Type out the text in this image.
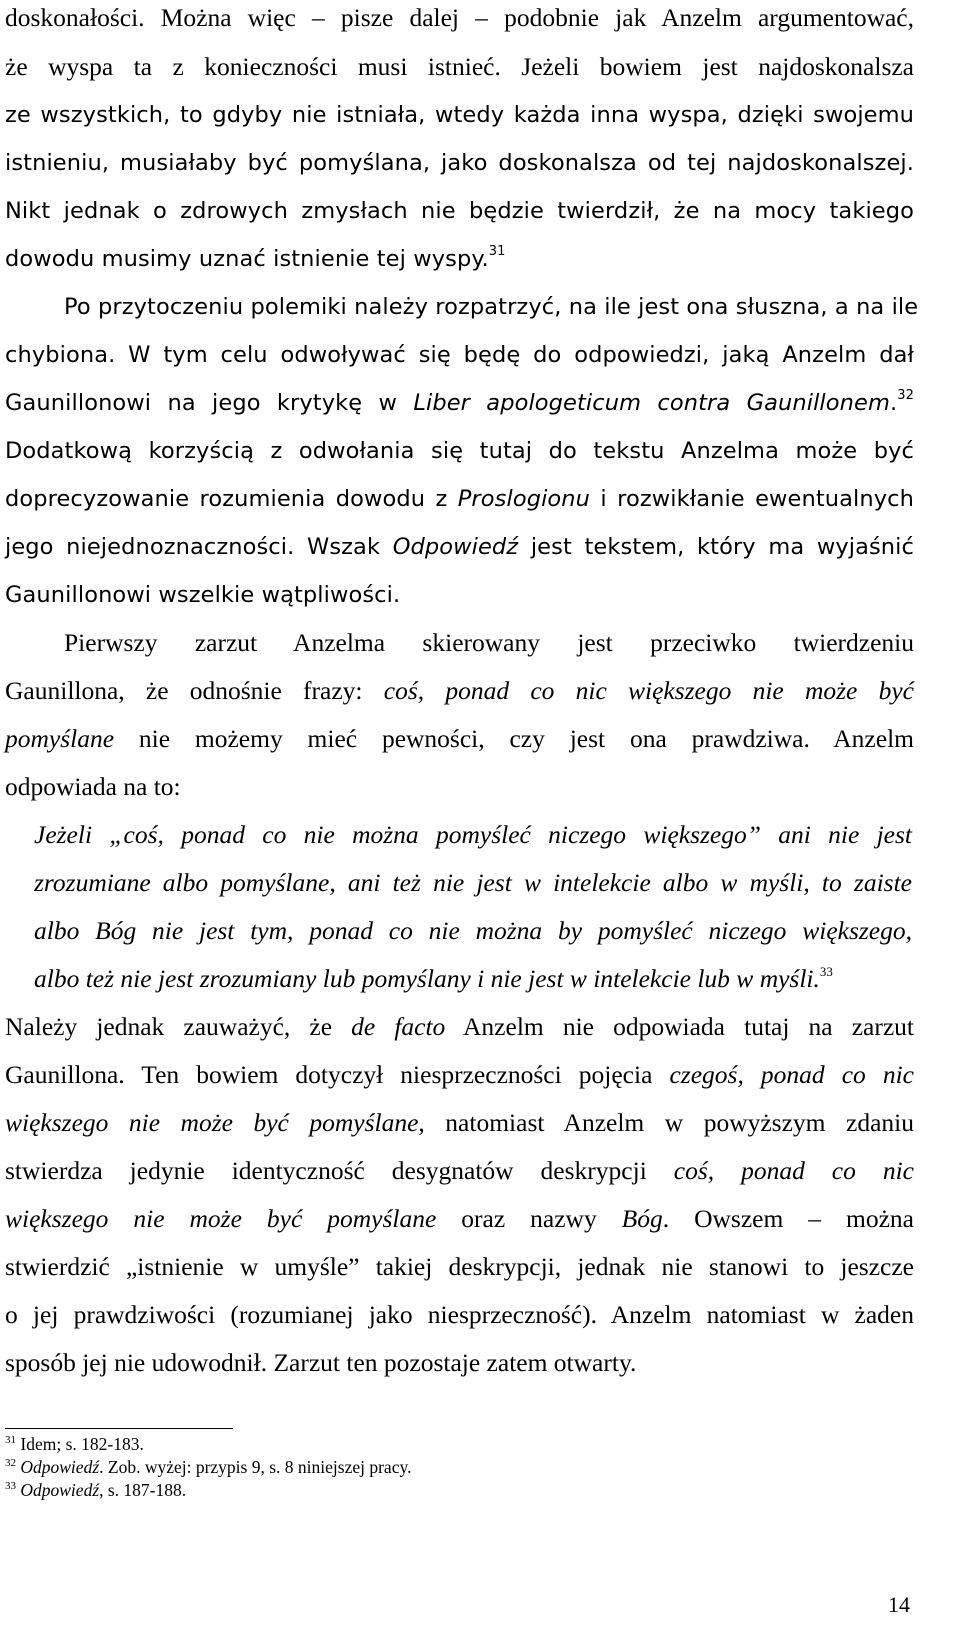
doskonałości. Można więc – pisze dalej – podobnie jak Anzelm argumentować,

że wyspa ta z konieczności musi istnieć. Jeżeli bowiem jest najdoskonalsza

ze wszystkich, to gdyby nie istniała, wtedy każda inna wyspa, dzięki swojemu

istnieniu, musiałaby być pomyślana, jako doskonalsza od tej najdoskonalszej.

Nikt jednak o zdrowych zmysłach nie będzie twierdził, że na mocy takiego

dowodu musimy uznać istnienie tej wyspy.$^{31}$

Po przytoczeniu polemiki należy rozpatrzyć, na ile jest ona słuszna, a na ile

chybiona. W tym celu odwoływać się będę do odpowiedzi, jaką Anzelm dał

Gaunillonowi na jego krytykę w Liber apologeticum contra Gaunillonem.$^{32}$

Dodatkową korzyścią z odwołania się tutaj do tekstu Anzelma może być

doprecyzowanie rozumienia dowodu z Proslogionu i rozwikłanie ewentualnych

jego niejednoznaczności. Wszak Odpowiedź jest tekstem, który ma wyjaśnić

Gaunillonowi wszelkie wątpliwości.

Pierwszy zarzut Anzelma skierowany jest przeciwko twierdzeniu

Gaunillona, że odnośnie frazy: coś, ponad co nic większego nie może być

pomyślane nie możemy mieć pewności, czy jest ona prawdziwa. Anzelm

odpowiada na to:

Jeżeli „coś, ponad co nie można pomyśleć niczego większego” ani nie jest

zrozumiane albo pomyślane, ani też nie jest w intelekcie albo w myśli, to zaiste

albo Bóg nie jest tym, ponad co nie można by pomyśleć niczego większego,

albo też nie jest zrozumiany lub pomyślany i nie jest w intelekcie lub w myśli.$^{33}$

Należy jednak zauważyć, że de facto Anzelm nie odpowiada tutaj na zarzut

Gaunillona. Ten bowiem dotyczył niesprzeczności pojęcia czegoś, ponad co nic

większego nie może być pomyślane, natomiast Anzelm w powyższym zdaniu

stwierdza jedynie identyczność desygnatów deskrypcji coś, ponad co nic

większego nie może być pomyślane oraz nazwy Bóg. Owszem – można

stwierdzić „istnienie w umyśle” takiej deskrypcji, jednak nie stanowi to jeszcze

o jej prawdziwości (rozumianej jako niesprzeczność). Anzelm natomiast w żaden

sposób jej nie udowodnił. Zarzut ten pozostaje zatem otwarty.

$^{31}$ Idem; s. 182-183.

$^{32}$ Odpowiedź. Zob. wyżej: przypis 9, s. 8 niniejszej pracy.

$^{33}$ Odpowiedź, s. 187-188.

14
